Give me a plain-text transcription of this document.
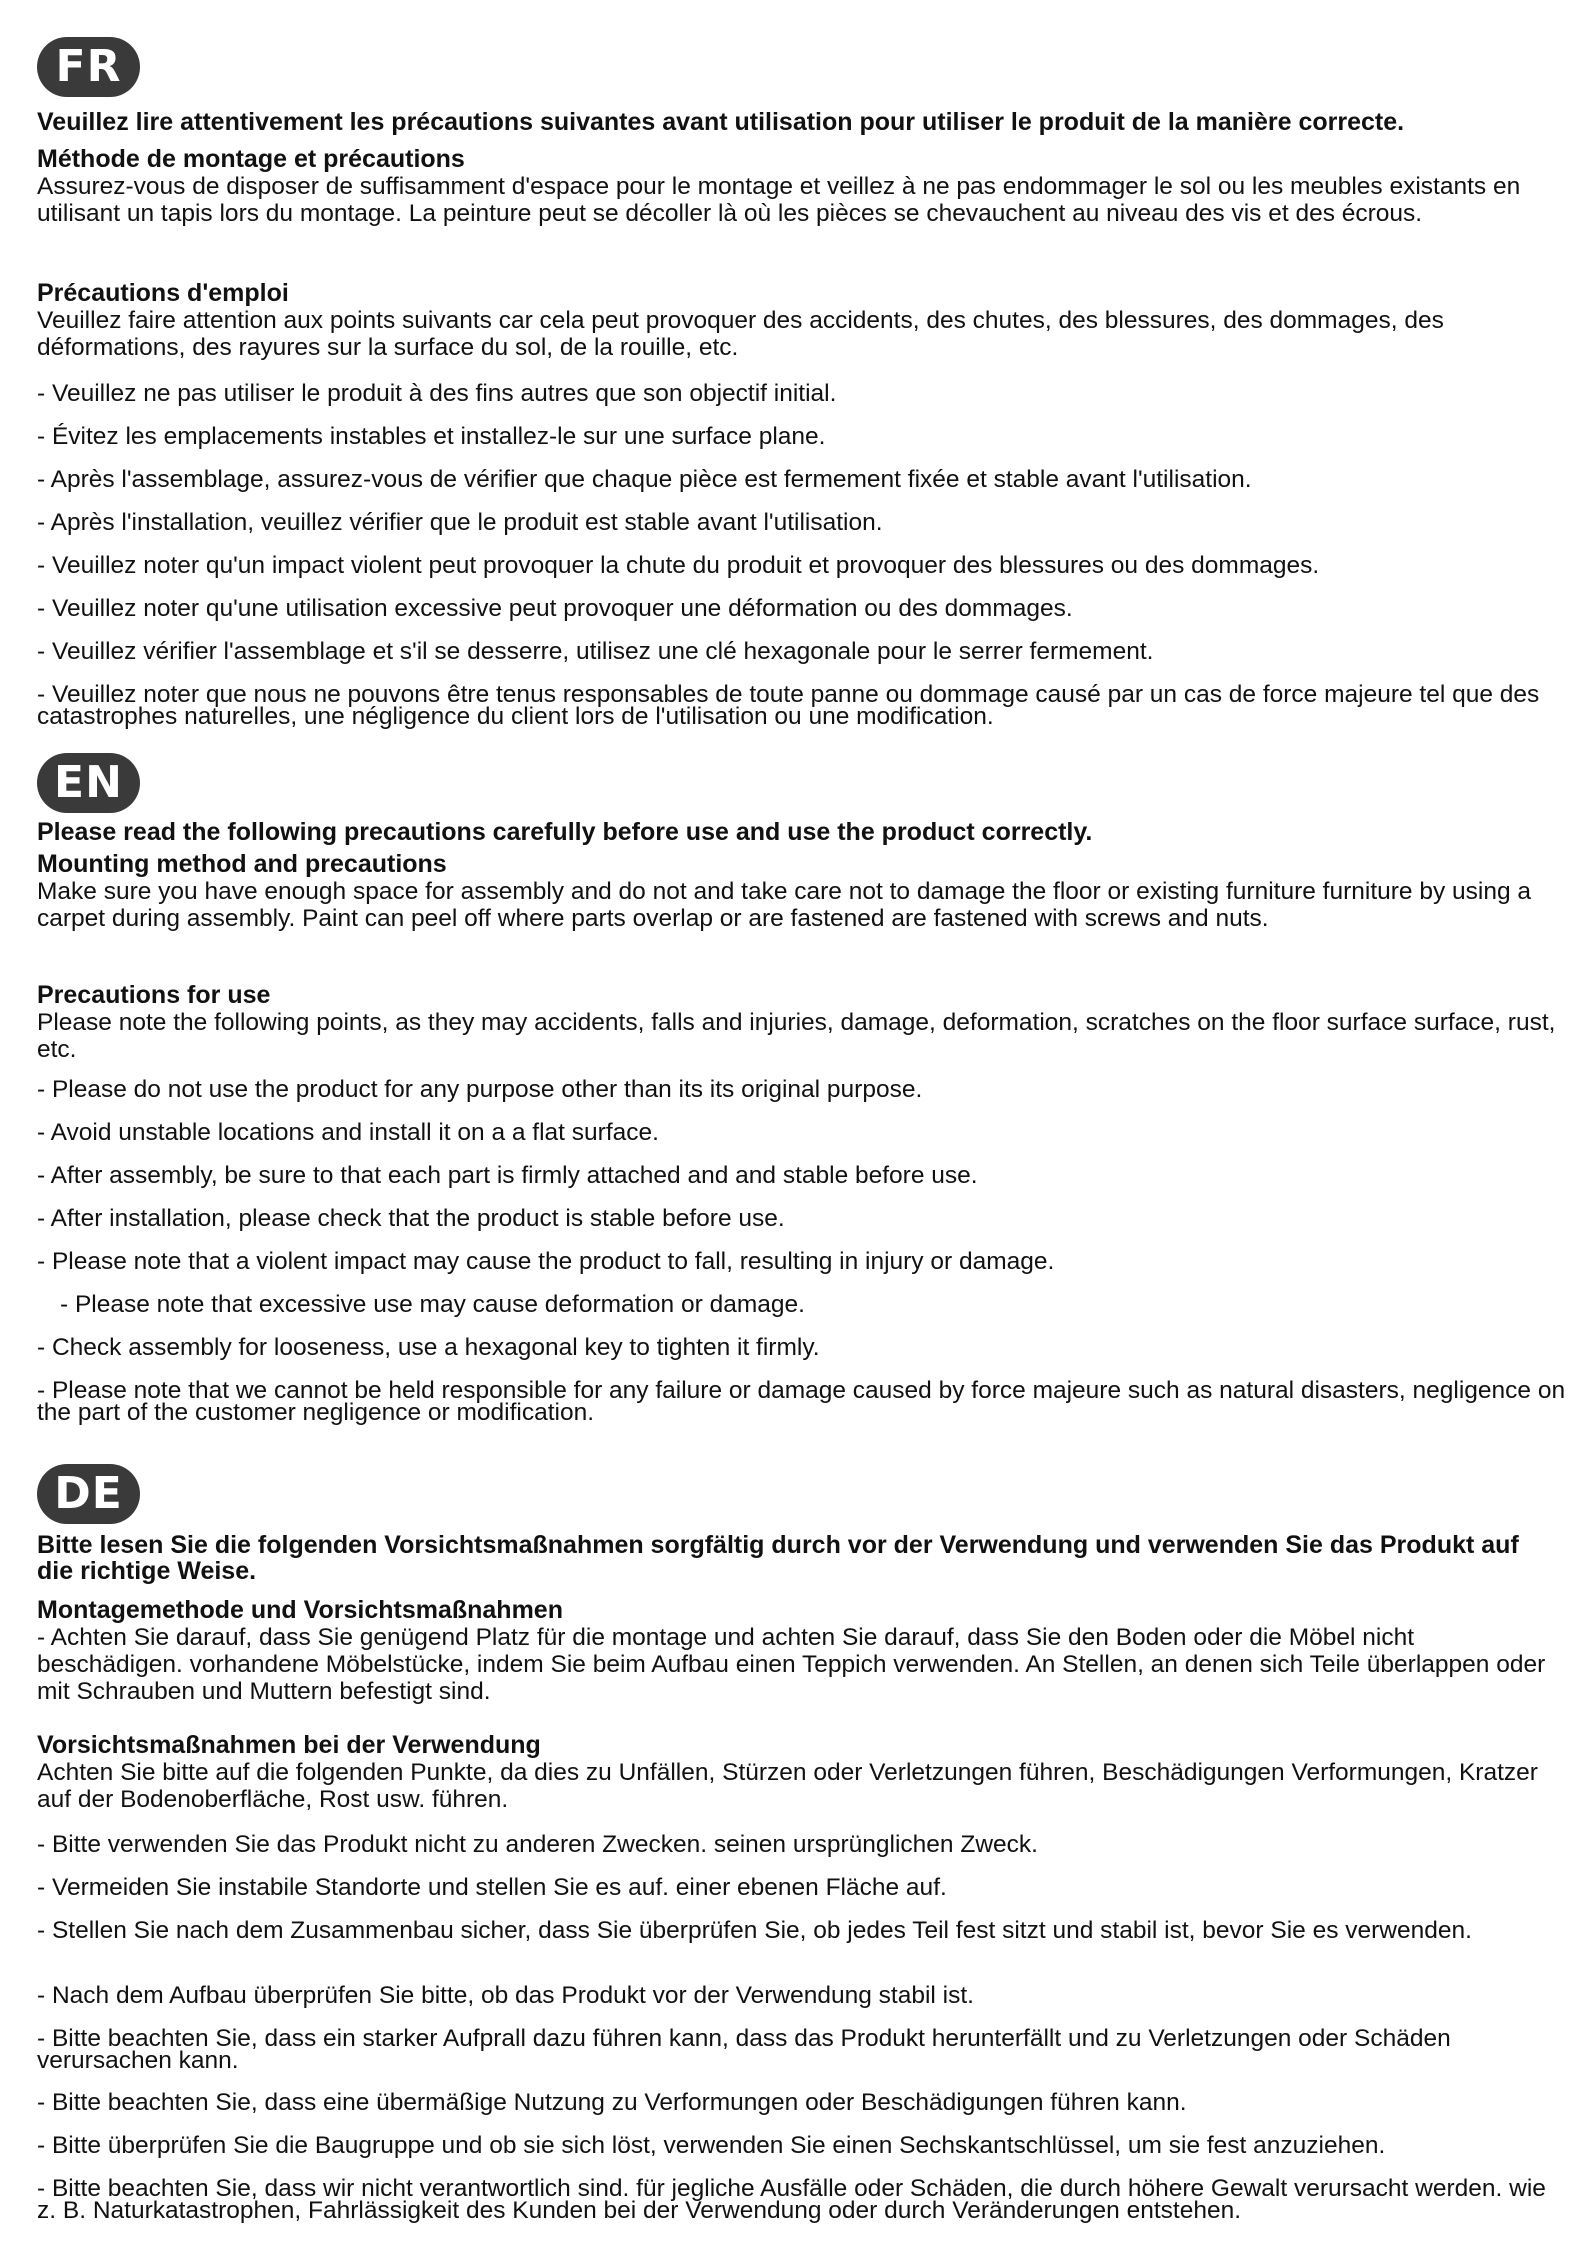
FR
Veuillez lire attentivement les précautions suivantes avant utilisation pour utiliser le produit de la manière correcte.
Méthode de montage et précautions
Assurez-vous de disposer de suffisamment d'espace pour le montage et veillez à ne pas endommager le sol ou les meubles existants en utilisant un tapis lors du montage. La peinture peut se décoller là où les pièces se chevauchent au niveau des vis et des écrous.
Précautions d'emploi
Veuillez faire attention aux points suivants car cela peut provoquer des accidents, des chutes, des blessures, des dommages, des déformations, des rayures sur la surface du sol, de la rouille, etc.
- Veuillez ne pas utiliser le produit à des fins autres que son objectif initial.
- Évitez les emplacements instables et installez-le sur une surface plane.
- Après l'assemblage, assurez-vous de vérifier que chaque pièce est fermement fixée et stable avant l'utilisation.
- Après l'installation, veuillez vérifier que le produit est stable avant l'utilisation.
- Veuillez noter qu'un impact violent peut provoquer la chute du produit et provoquer des blessures ou des dommages.
- Veuillez noter qu'une utilisation excessive peut provoquer une déformation ou des dommages.
- Veuillez vérifier l'assemblage et s'il se desserre, utilisez une clé hexagonale pour le serrer fermement.
- Veuillez noter que nous ne pouvons être tenus responsables de toute panne ou dommage causé par un cas de force majeure tel que des catastrophes naturelles, une négligence du client lors de l'utilisation ou une modification.
EN
Please read the following precautions carefully before use and use the product correctly.
Mounting method and precautions
Make sure you have enough space for assembly and do not and take care not to damage the floor or existing furniture furniture by using a carpet during assembly. Paint can peel off where parts overlap or are fastened are fastened with screws and nuts.
Precautions for use
Please note the following points, as they may accidents, falls and injuries, damage, deformation, scratches on the floor surface surface, rust, etc.
- Please do not use the product for any purpose other than its its original purpose.
- Avoid unstable locations and install it on a a flat surface.
- After assembly, be sure to that each part is firmly attached and and stable before use.
- After installation, please check that the product is stable before use.
- Please note that a violent impact may cause the product to fall, resulting in injury or damage.
- Please note that excessive use may cause deformation or damage.
- Check assembly for looseness, use a hexagonal key to tighten it firmly.
- Please note that we cannot be held responsible for any failure or damage caused by force majeure such as natural disasters, negligence on the part of the customer negligence or modification.
DE
Bitte lesen Sie die folgenden Vorsichtsmaßnahmen sorgfältig durch vor der Verwendung und verwenden Sie das Produkt auf die richtige Weise.
Montagemethode und Vorsichtsmaßnahmen
- Achten Sie darauf, dass Sie genügend Platz für die montage und achten Sie darauf, dass Sie den Boden oder die Möbel nicht beschädigen. vorhandene Möbelstücke, indem Sie beim Aufbau einen Teppich verwenden. An Stellen, an denen sich Teile überlappen oder mit Schrauben und Muttern befestigt sind.
Vorsichtsmaßnahmen bei der Verwendung
Achten Sie bitte auf die folgenden Punkte, da dies zu Unfällen, Stürzen oder Verletzungen führen, Beschädigungen Verformungen, Kratzer auf der Bodenoberfläche, Rost usw. führen.
- Bitte verwenden Sie das Produkt nicht zu anderen Zwecken. seinen ursprünglichen Zweck.
- Vermeiden Sie instabile Standorte und stellen Sie es auf. einer ebenen Fläche auf.
- Stellen Sie nach dem Zusammenbau sicher, dass Sie überprüfen Sie, ob jedes Teil fest sitzt und stabil ist, bevor Sie es verwenden.
- Nach dem Aufbau überprüfen Sie bitte, ob das Produkt vor der Verwendung stabil ist.
- Bitte beachten Sie, dass ein starker Aufprall dazu führen kann, dass das Produkt herunterfällt und zu Verletzungen oder Schäden verursachen kann.
- Bitte beachten Sie, dass eine übermäßige Nutzung zu Verformungen oder Beschädigungen führen kann.
- Bitte überprüfen Sie die Baugruppe und ob sie sich löst, verwenden Sie einen Sechskantschlüssel, um sie fest anzuziehen.
- Bitte beachten Sie, dass wir nicht verantwortlich sind. für jegliche Ausfälle oder Schäden, die durch höhere Gewalt verursacht werden. wie z. B. Naturkatastrophen, Fahrlässigkeit des Kunden bei der Verwendung oder durch Veränderungen entstehen.
